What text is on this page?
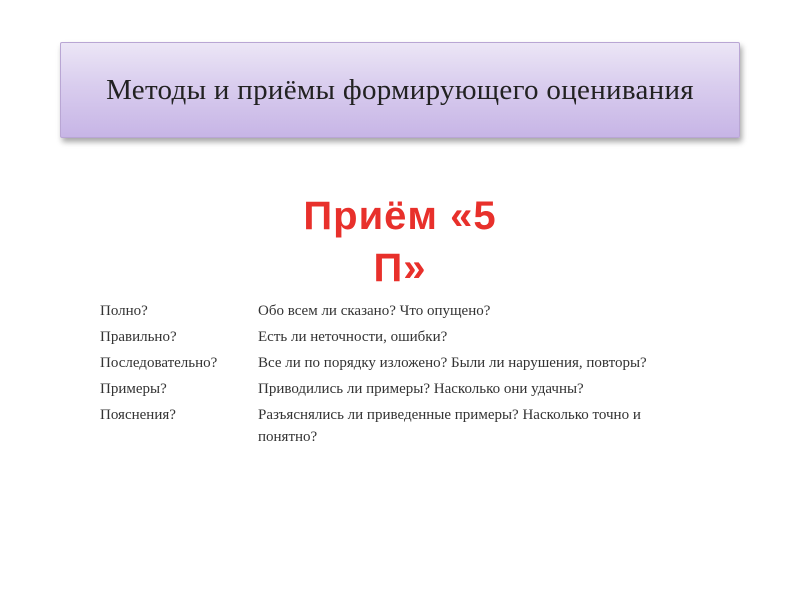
Методы и приёмы формирующего оценивания
Приём «5
П»
Полно?	Обо всем ли сказано? Что опущено?
Правильно?	Есть ли неточности, ошибки?
Последовательно?	Все ли по порядку изложено? Были ли нарушения, повторы?
Примеры?	Приводились ли примеры? Насколько они удачны?
Пояснения?	Разъяснялись ли приведенные примеры? Насколько точно и понятно?
